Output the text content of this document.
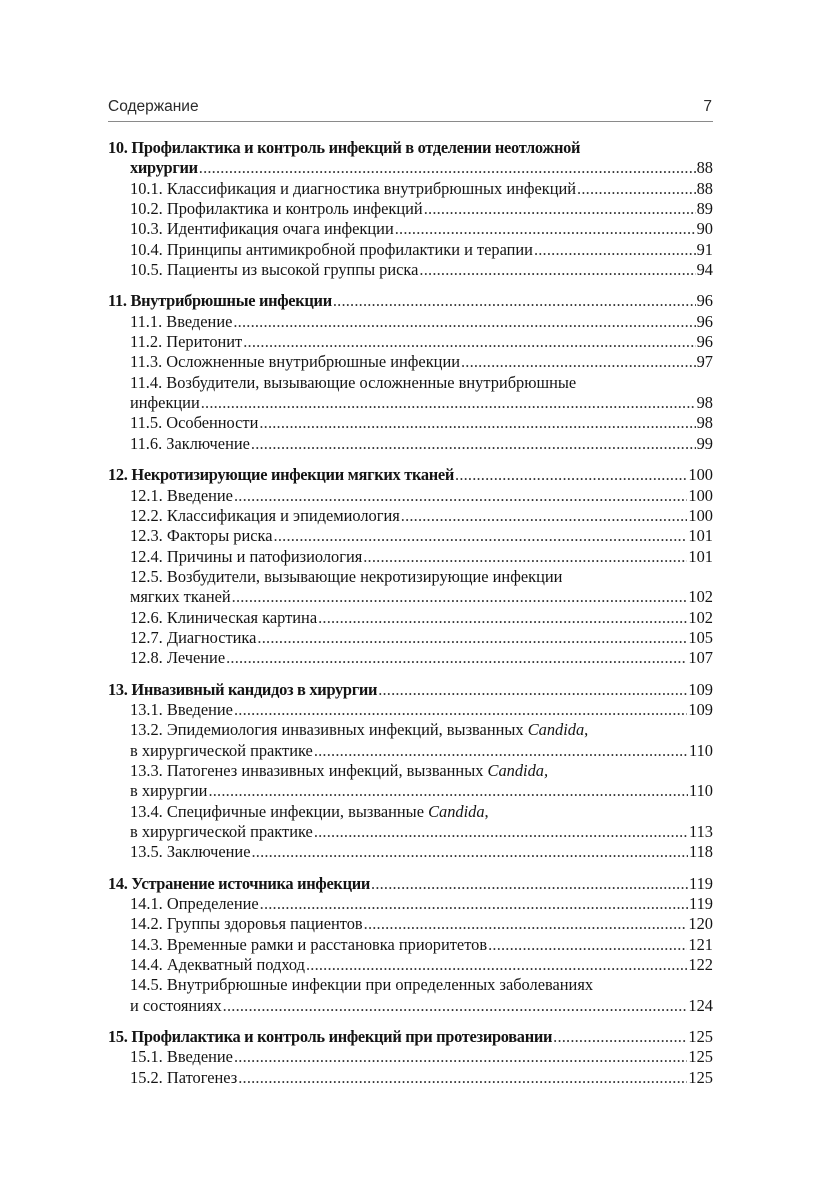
Содержание	7
10. Профилактика и контроль инфекций в отделении неотложной
хирургии .....	88
10.1. Классификация и диагностика внутрибрюшных инфекций .....	88
10.2. Профилактика и контроль инфекций .....	89
10.3. Идентификация очага инфекции .....	90
10.4. Принципы антимикробной профилактики и терапии .....	91
10.5. Пациенты из высокой группы риска .....	94
11. Внутрибрюшные инфекции .....	96
11.1. Введение .....	96
11.2. Перитонит .....	96
11.3. Осложненные внутрибрюшные инфекции .....	97
11.4. Возбудители, вызывающие осложненные внутрибрюшные
инфекции .....	98
11.5. Особенности .....	98
11.6. Заключение .....	99
12. Некротизирующие инфекции мягких тканей .....	100
12.1. Введение .....	100
12.2. Классификация и эпидемиология .....	100
12.3. Факторы риска .....	101
12.4. Причины и патофизиология .....	101
12.5. Возбудители, вызывающие некротизирующие инфекции
мягких тканей .....	102
12.6. Клиническая картина .....	102
12.7. Диагностика .....	105
12.8. Лечение .....	107
13. Инвазивный кандидоз в хирургии .....	109
13.1. Введение .....	109
13.2. Эпидемиология инвазивных инфекций, вызванных Candida,
в хирургической практике .....	110
13.3. Патогенез инвазивных инфекций, вызванных Candida,
в хирургии .....	110
13.4. Специфичные инфекции, вызванные Candida,
в хирургической практике .....	113
13.5. Заключение .....	118
14. Устранение источника инфекции .....	119
14.1. Определение .....	119
14.2. Группы здоровья пациентов .....	120
14.3. Временные рамки и расстановка приоритетов .....	121
14.4. Адекватный подход .....	122
14.5. Внутрибрюшные инфекции при определенных заболеваниях
и состояниях .....	124
15. Профилактика и контроль инфекций при протезировании .....	125
15.1. Введение .....	125
15.2. Патогенез .....	125
